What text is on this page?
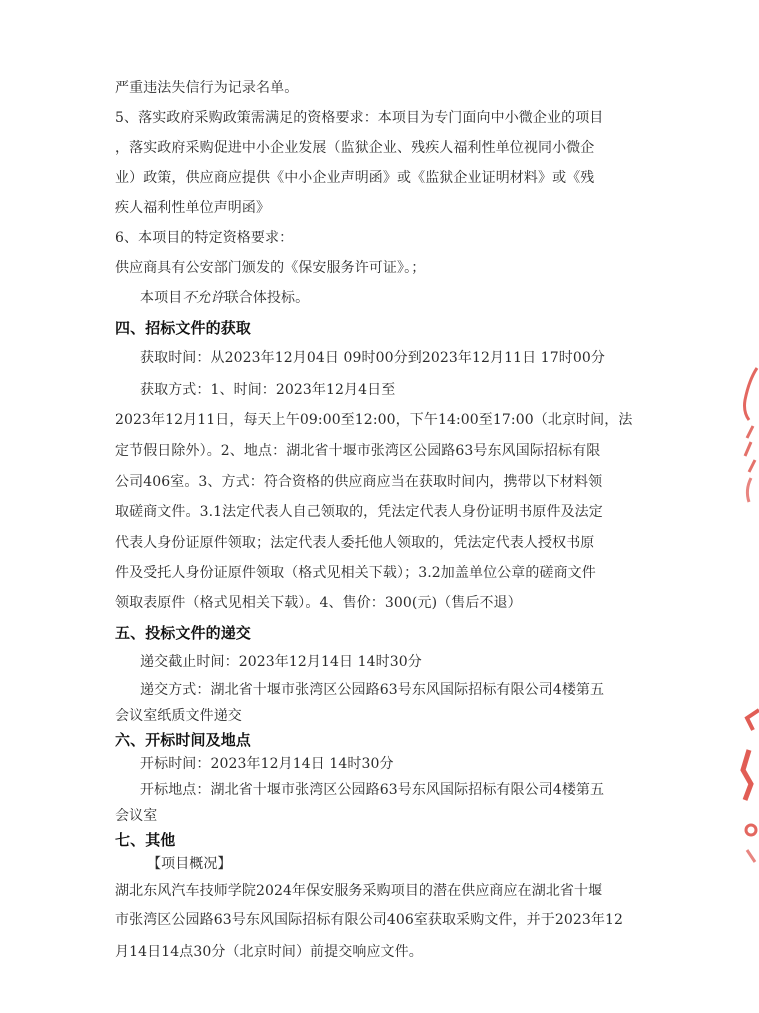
严重违法失信行为记录名单。
5、落实政府采购政策需满足的资格要求：本项目为专门面向中小微企业的项目
，落实政府采购促进中小企业发展（监狱企业、残疾人福利性单位视同小微企
业）政策，供应商应提供《中小企业声明函》或《监狱企业证明材料》或《残
疾人福利性单位声明函》
6、本项目的特定资格要求：
供应商具有公安部门颁发的《保安服务许可证》。；
本项目不允许联合体投标。
四、招标文件的获取
获取时间：从2023年12月04日 09时00分到2023年12月11日 17时00分
获取方式：1、时间：2023年12月4日至
2023年12月11日，每天上午09:00至12:00，下午14:00至17:00（北京时间，法
定节假日除外）。2、地点：湖北省十堰市张湾区公园路63号东风国际招标有限
公司406室。3、方式：符合资格的供应商应当在获取时间内，携带以下材料领
取磋商文件。3.1法定代表人自己领取的，凭法定代表人身份证明书原件及法定
代表人身份证原件领取；法定代表人委托他人领取的，凭法定代表人授权书原
件及受托人身份证原件领取（格式见相关下载）；3.2加盖单位公章的磋商文件
领取表原件（格式见相关下载）。4、售价：300(元)（售后不退）
五、投标文件的递交
递交截止时间：2023年12月14日 14时30分
递交方式：湖北省十堰市张湾区公园路63号东风国际招标有限公司4楼第五
会议室纸质文件递交
六、开标时间及地点
开标时间：2023年12月14日 14时30分
开标地点：湖北省十堰市张湾区公园路63号东风国际招标有限公司4楼第五
会议室
七、其他
【项目概况】
湖北东风汽车技师学院2024年保安服务采购项目的潜在供应商应在湖北省十堰
市张湾区公园路63号东风国际招标有限公司406室获取采购文件，并于2023年12
月14日14点30分（北京时间）前提交响应文件。
